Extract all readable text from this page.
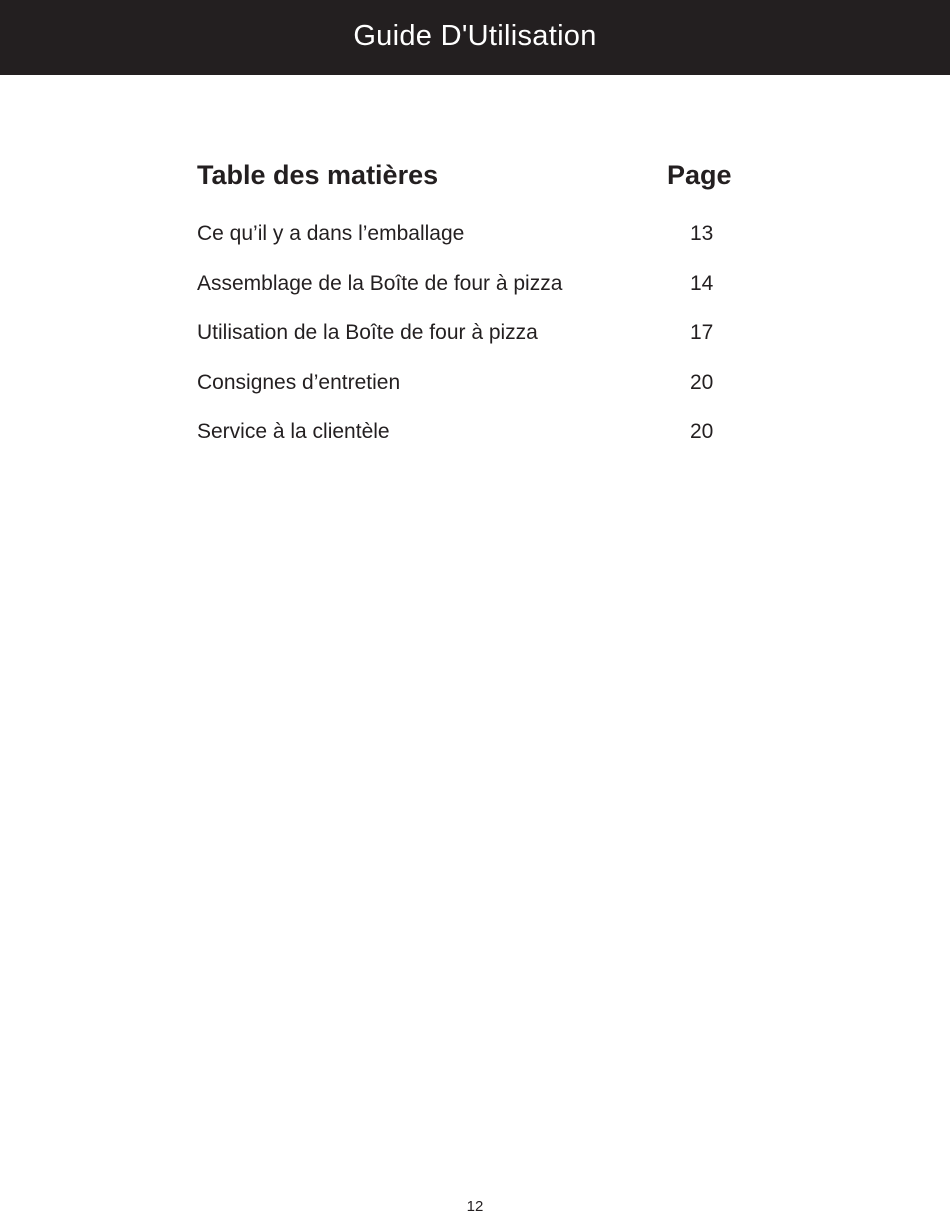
Guide D'Utilisation
Table des matières	Page
Ce qu’il y a dans l’emballage	13
Assemblage de la Boîte de four à pizza	14
Utilisation de la Boîte de four à pizza	17
Consignes d’entretien	20
Service à la clientèle	20
12
